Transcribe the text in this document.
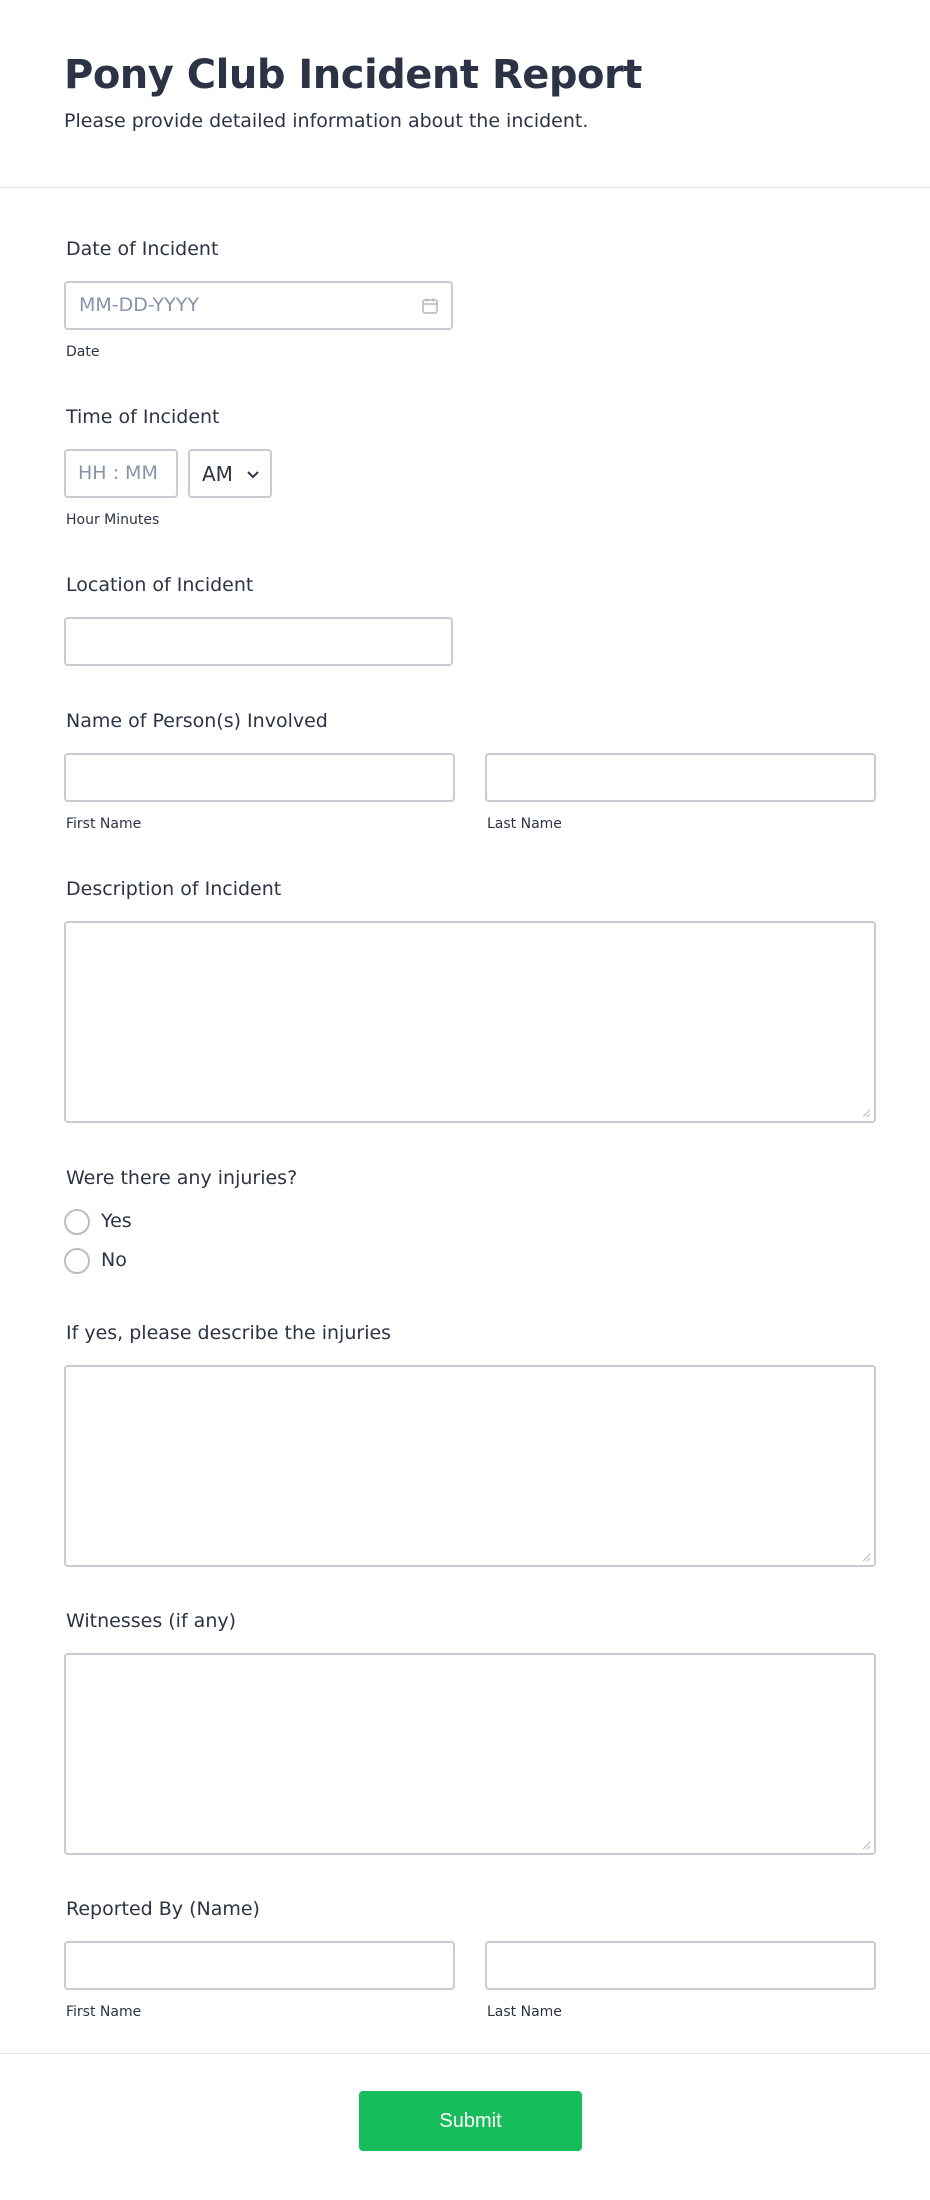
Pony Club Incident Report
Please provide detailed information about the incident.
Date of Incident
MM-DD-YYYY
Date
Time of Incident
HH : MM AM
Hour Minutes
Location of Incident
Name of Person(s) Involved
First Name	Last Name
Description of Incident
Were there any injuries?
Yes
No
If yes, please describe the injuries
Witnesses (if any)
Reported By (Name)
First Name	Last Name
Submit
